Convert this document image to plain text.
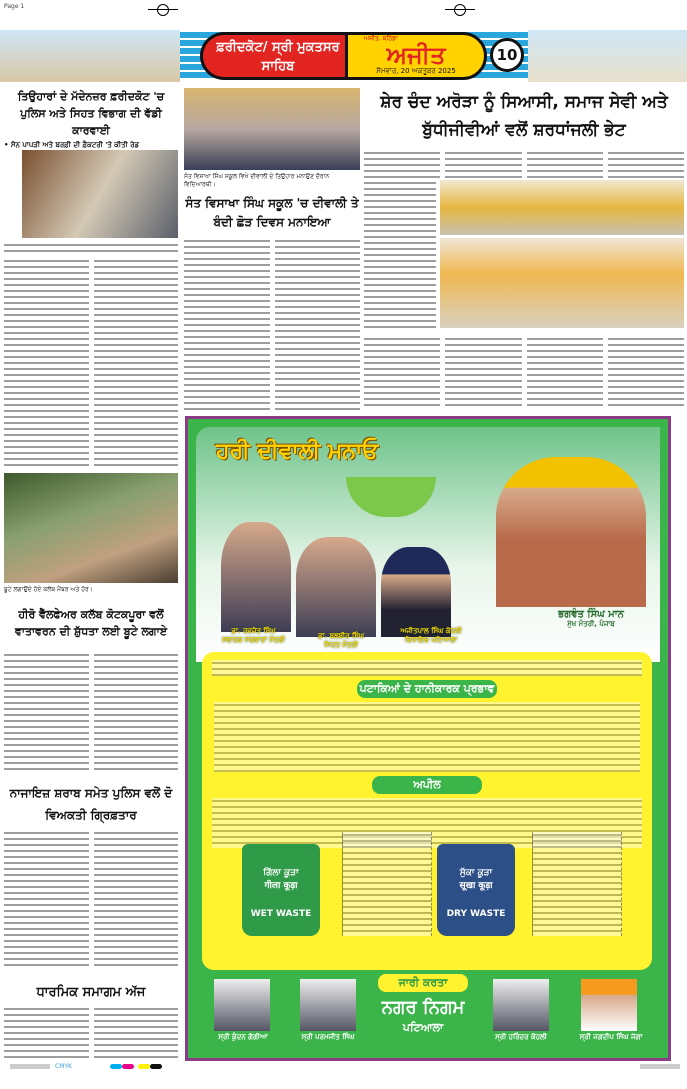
Page 1
ਫ਼ਰੀਦਕੋਟ/ ਸ੍ਰੀ ਮੁਕਤਸਰ ਸਾਹਿਬ
ਅਜੀਤ, ਬਠਿੰਡਾ
ਅਜੀਤ
ਸੋਮਵਾਰ, 20 ਅਕਤੂਬਰ 2025
10
ਤਿਉਹਾਰਾਂ ਦੇ ਮੱਦੇਨਜ਼ਰ ਫ਼ਰੀਦਕੋਟ 'ਚ ਪੁਲਿਸ ਅਤੇ ਸਿਹਤ ਵਿਭਾਗ ਦੀ ਵੱਡੀ ਕਾਰਵਾਈ
• ਸੋਨ ਪਾਪੜੀ ਅਤੇ ਬਰਫ਼ੀ ਦੀ ਫ਼ੈਕਟਰੀ 'ਤੇ ਕੀਤੀ ਰੇਡ
ਬੂਟੇ ਲਗਾਉਂਦੇ ਹੋਏ ਕਲੱਬ ਮੈਂਬਰ ਅਤੇ ਹੋਰ।
ਹੀਰੋ ਵੈੱਲਫੇਅਰ ਕਲੱਬ ਕੋਟਕਪੂਰਾ ਵਲੋਂ ਵਾਤਾਵਰਨ ਦੀ ਸ਼ੁੱਧਤਾ ਲਈ ਬੂਟੇ ਲਗਾਏ
ਨਾਜਾਇਜ਼ ਸ਼ਰਾਬ ਸਮੇਤ ਪੁਲਿਸ ਵਲੋਂ ਦੋ ਵਿਅਕਤੀ ਗ੍ਰਿਫ਼ਤਾਰ
ਧਾਰਮਿਕ ਸਮਾਗਮ ਅੱਜ
ਸੰਤ ਵਿਸਾਖਾ ਸਿੰਘ ਸਕੂਲ ਵਿਖੇ ਦੀਵਾਲੀ ਦੇ ਤਿਉਹਾਰ ਮਨਾਉਣ ਦੌਰਾਨ ਵਿਦਿਆਰਥੀ।
ਸੰਤ ਵਿਸਾਖਾ ਸਿੰਘ ਸਕੂਲ 'ਚ ਦੀਵਾਲੀ ਤੇ ਬੰਦੀ ਛੋੜ ਦਿਵਸ ਮਨਾਇਆ
ਸ਼ੇਰ ਚੰਦ ਅਰੋੜਾ ਨੂੰ ਸਿਆਸੀ, ਸਮਾਜ ਸੇਵੀ ਅਤੇ ਬੁੱਧੀਜੀਵੀਆਂ ਵਲੋਂ ਸ਼ਰਧਾਂਜਲੀ ਭੇਟ
ਹਰੀ ਦੀਵਾਲੀ ਮਨਾਓ
ਡਾ. ਰਵਜੋਤ ਸਿੰਘ
ਸਥਾਨਕ ਸਰਕਾਰਾਂ ਮੰਤਰੀ	ਡਾ. ਬਲਬੀਰ ਸਿੰਘ
ਸਿਹਤ ਮੰਤਰੀ
ਅਜੀਤਪਾਲ ਸਿੰਘ ਕੋਹਲੀ
ਵਿਧਾਇਕ ਪਟਿਆਲਾ
ਭਗਵੰਤ ਸਿੰਘ ਮਾਨ
ਮੁੱਖ ਮੰਤਰੀ, ਪੰਜਾਬ
ਪਟਾਕਿਆਂ ਦੇ ਹਾਨੀਕਾਰਕ ਪ੍ਰਭਾਵ
ਅਪੀਲ
ਗਿੱਲਾ ਕੂੜਾ
गीला कूड़ा
WET WASTE
ਸੁੱਕਾ ਕੂੜਾ
सूखा कूड़ा
DRY WASTE
ਜਾਰੀ ਕਰਤਾ
ਨਗਰ ਨਿਗਮ
ਪਟਿਆਲਾ
ਸ੍ਰੀ ਕੁੰਦਨ ਗੋਗੀਆ	ਸ੍ਰੀ ਪਰਮਜੀਤ ਸਿੰਘ	ਸ੍ਰੀ ਹਰਿੰਦਰ ਕੋਹਲੀ	ਸ੍ਰੀ ਜਗਦੀਪ ਸਿੰਘ ਜੱਗਾ
CMYK
